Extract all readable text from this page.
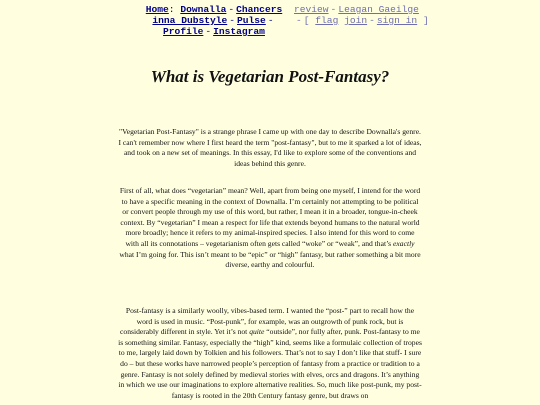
Home: Downalla - Chancers inna Dubstyle - Pulse -Profile - Instagram
review - Leagan Gaeilge
- [ flag join - sign in ]
What is Vegetarian Post-Fantasy?

"Vegetarian Post-Fantasy" is a strange phrase I came up with one day to describe Downalla's genre. I can't remember now where I first heard the term "post-fantasy", but to me it sparked a lot of ideas, and took on a new set of meanings. In this essay, I'd like to explore some of the conventions and ideas behind this genre.

First of all, what does “vegetarian” mean? Well, apart from being one myself, I intend for the word to have a specific meaning in the context of Downalla. I’m certainly not attempting to be political or convert people through my use of this word, but rather, I mean it in a broader, tongue-in-cheek context. By “vegetarian” I mean a respect for life that extends beyond humans to the natural world more broadly; hence it refers to my animal-inspired species. I also intend for this word to come with all its connotations – vegetarianism often gets called “woke” or “weak”, and that’s exactly what I’m going for. This isn’t meant to be “epic” or “high” fantasy, but rather something a bit more diverse, earthy and colourful.

Post-fantasy is a similarly woolly, vibes-based term. I wanted the “post-” part to recall how the word is used in music. “Post-punk”, for example, was an outgrowth of punk rock, but is considerably different in style. Yet it’s not quite “outside”, nor fully after, punk. Post-fantasy to me is something similar. Fantasy, especially the “high” kind, seems like a formulaic collection of tropes to me, largely laid down by Tolkien and his followers. That’s not to say I don’t like that stuff- I sure do – but these works have narrowed people’s perception of fantasy from a practice or tradition to a genre. Fantasy is not solely defined by medieval stories with elves, orcs and dragons. It’s anything in which we use our imaginations to explore alternative realities. So, much like post-punk, my post-fantasy is rooted in the 20th Century fantasy genre, but draws on
